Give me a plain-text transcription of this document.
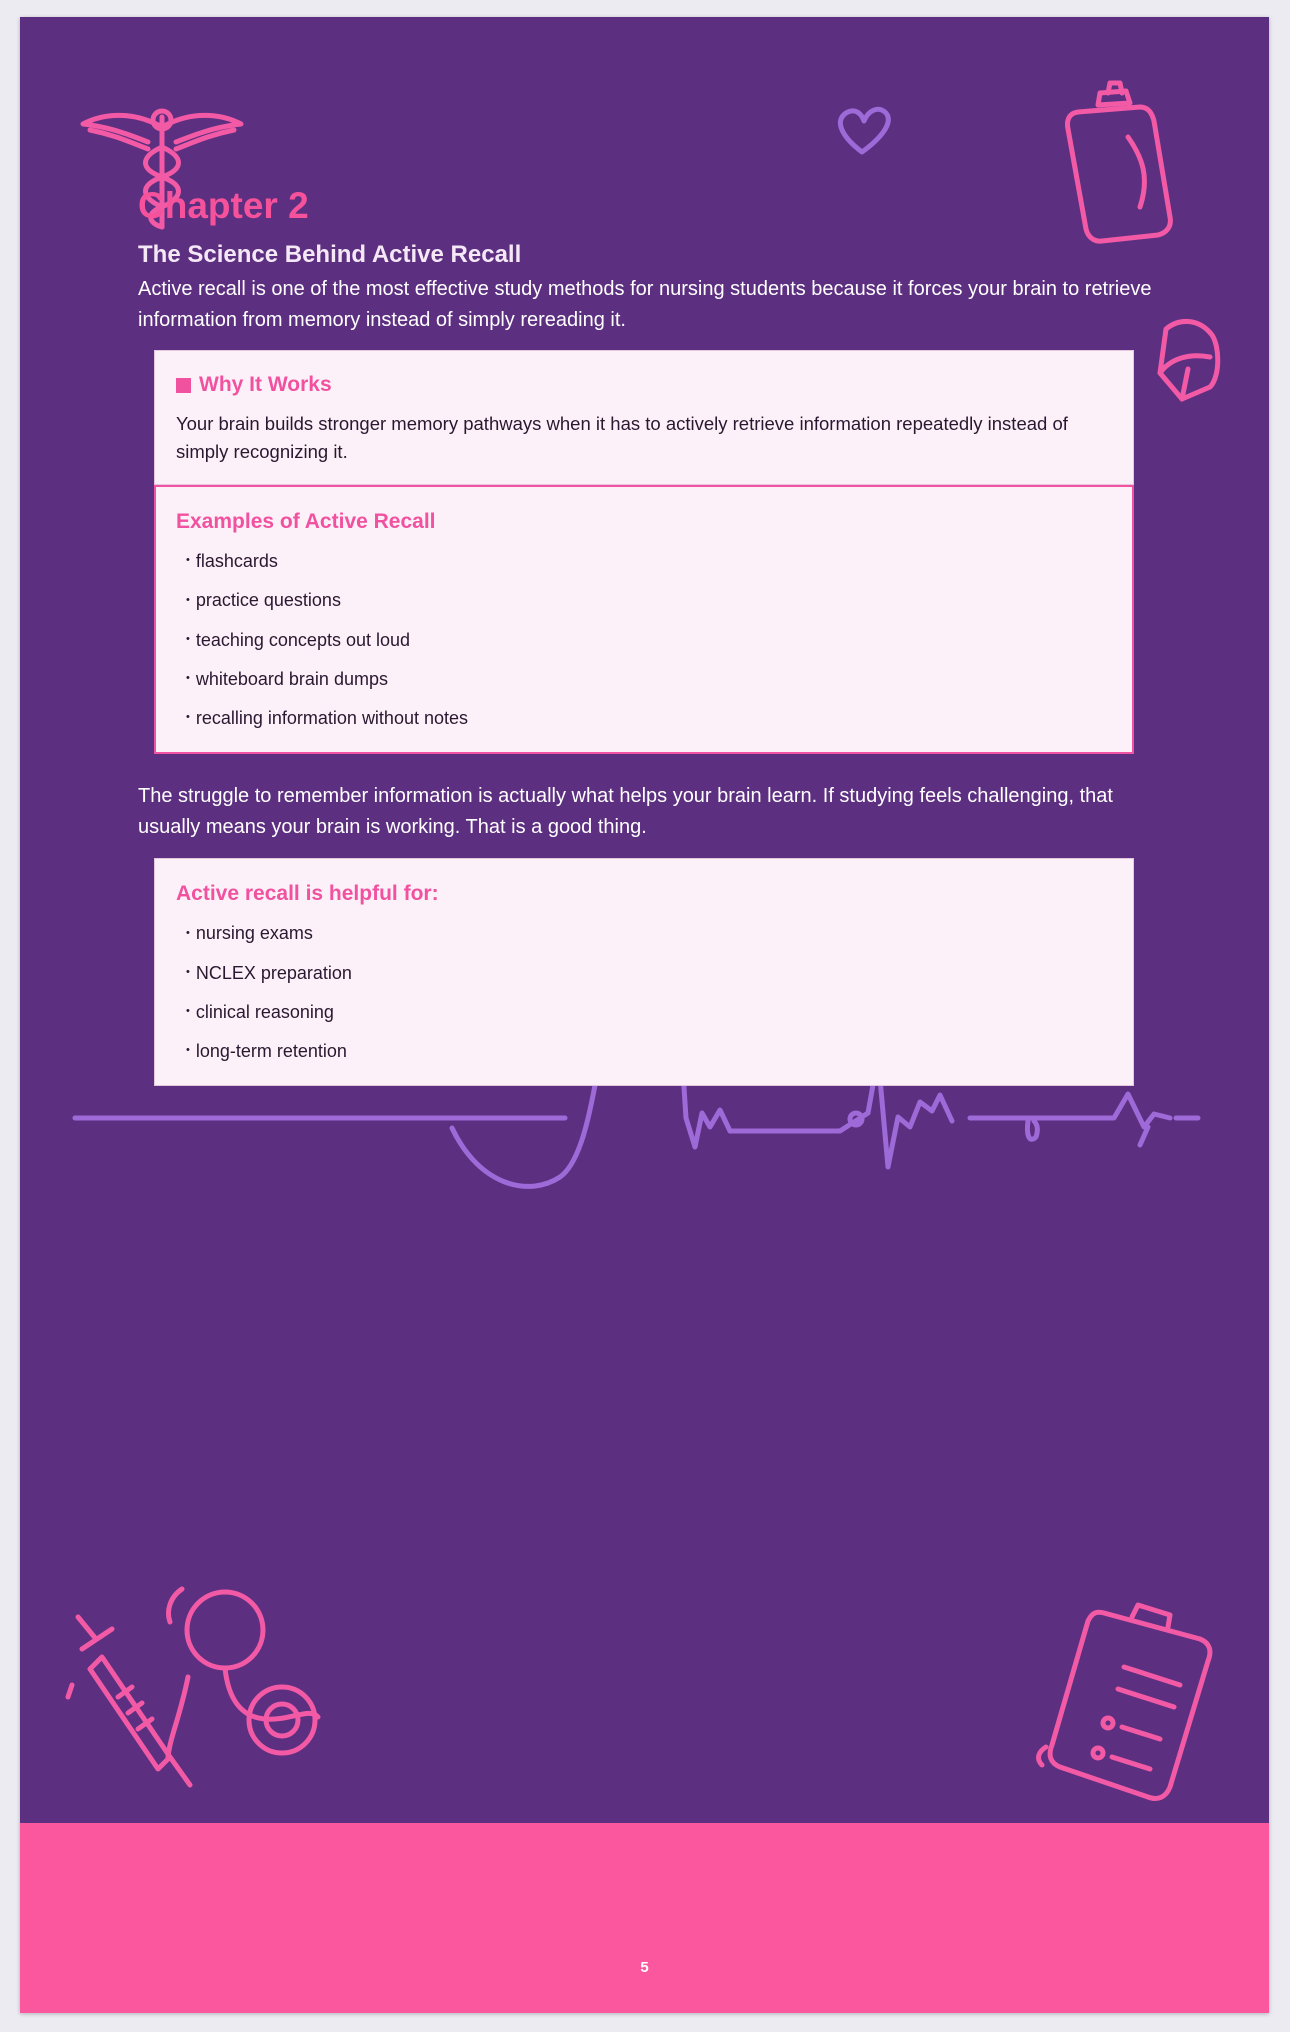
Chapter 2
The Science Behind Active Recall
Active recall is one of the most effective study methods for nursing students because it forces your brain to retrieve information from memory instead of simply rereading it.
Why It Works
Your brain builds stronger memory pathways when it has to actively retrieve information repeatedly instead of simply recognizing it.
Examples of Active Recall
• flashcards
• practice questions
• teaching concepts out loud
• whiteboard brain dumps
• recalling information without notes
The struggle to remember information is actually what helps your brain learn. If studying feels challenging, that usually means your brain is working. That is a good thing.
Active recall is helpful for:
• nursing exams
• NCLEX preparation
• clinical reasoning
• long-term retention
5
